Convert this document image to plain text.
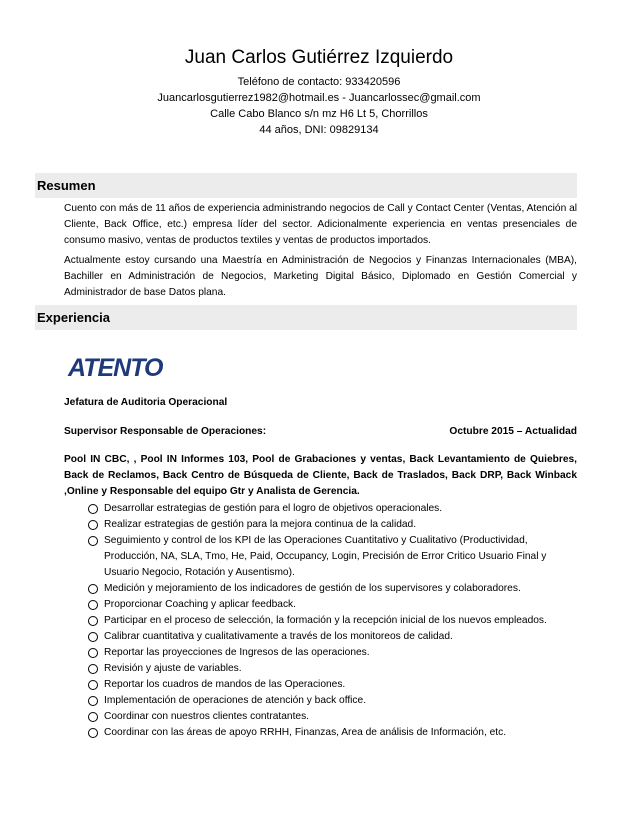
Juan Carlos Gutiérrez Izquierdo
Teléfono de contacto: 933420596
Juancarlosgutierrez1982@hotmail.es - Juancarlossec@gmail.com
Calle Cabo Blanco s/n mz H6 Lt 5, Chorrillos
44 años, DNI: 09829134
Resumen

Cuento con más de 11 años de experiencia administrando negocios de Call y Contact Center (Ventas, Atención al Cliente, Back Office, etc.) empresa líder del sector. Adicionalmente experiencia en ventas presenciales de consumo masivo, ventas de productos textiles y ventas de productos importados.

Actualmente estoy cursando una Maestría en Administración de Negocios y Finanzas Internacionales (MBA), Bachiller en Administración de Negocios, Marketing Digital Básico, Diplomado en Gestión Comercial y Administrador de base Datos plana.

Experiencia
ATENTO
Jefatura de Auditoria Operacional
Supervisor Responsable de Operaciones:	Octubre 2015 – Actualidad
Pool IN CBC, , Pool IN Informes 103, Pool de Grabaciones y ventas, Back Levantamiento de Quiebres, Back de Reclamos, Back Centro de Búsqueda de Cliente, Back de Traslados, Back DRP, Back Winback ,Online y Responsable del equipo Gtr y Analista de Gerencia.
Desarrollar estrategias de gestión para el logro de objetivos operacionales.
Realizar estrategias de gestión para la mejora continua de la calidad.
Seguimiento y control de los KPI de las Operaciones Cuantitativo y Cualitativo (Productividad, Producción, NA, SLA, Tmo, He, Paid, Occupancy, Login, Precisión de Error Critico Usuario Final y Usuario Negocio, Rotación y Ausentismo).
Medición y mejoramiento de los indicadores de gestión de los supervisores y colaboradores.
Proporcionar Coaching y aplicar feedback.
Participar en el proceso de selección, la formación y la recepción inicial de los nuevos empleados.
Calibrar cuantitativa y cualitativamente a través de los monitoreos de calidad.
Reportar las proyecciones de Ingresos de las operaciones.
Revisión y ajuste de variables.
Reportar los cuadros de mandos de las Operaciones.
Implementación de operaciones de atención y back office.
Coordinar con nuestros clientes contratantes.
Coordinar con las áreas de apoyo RRHH, Finanzas, Area de análisis de Información, etc.
